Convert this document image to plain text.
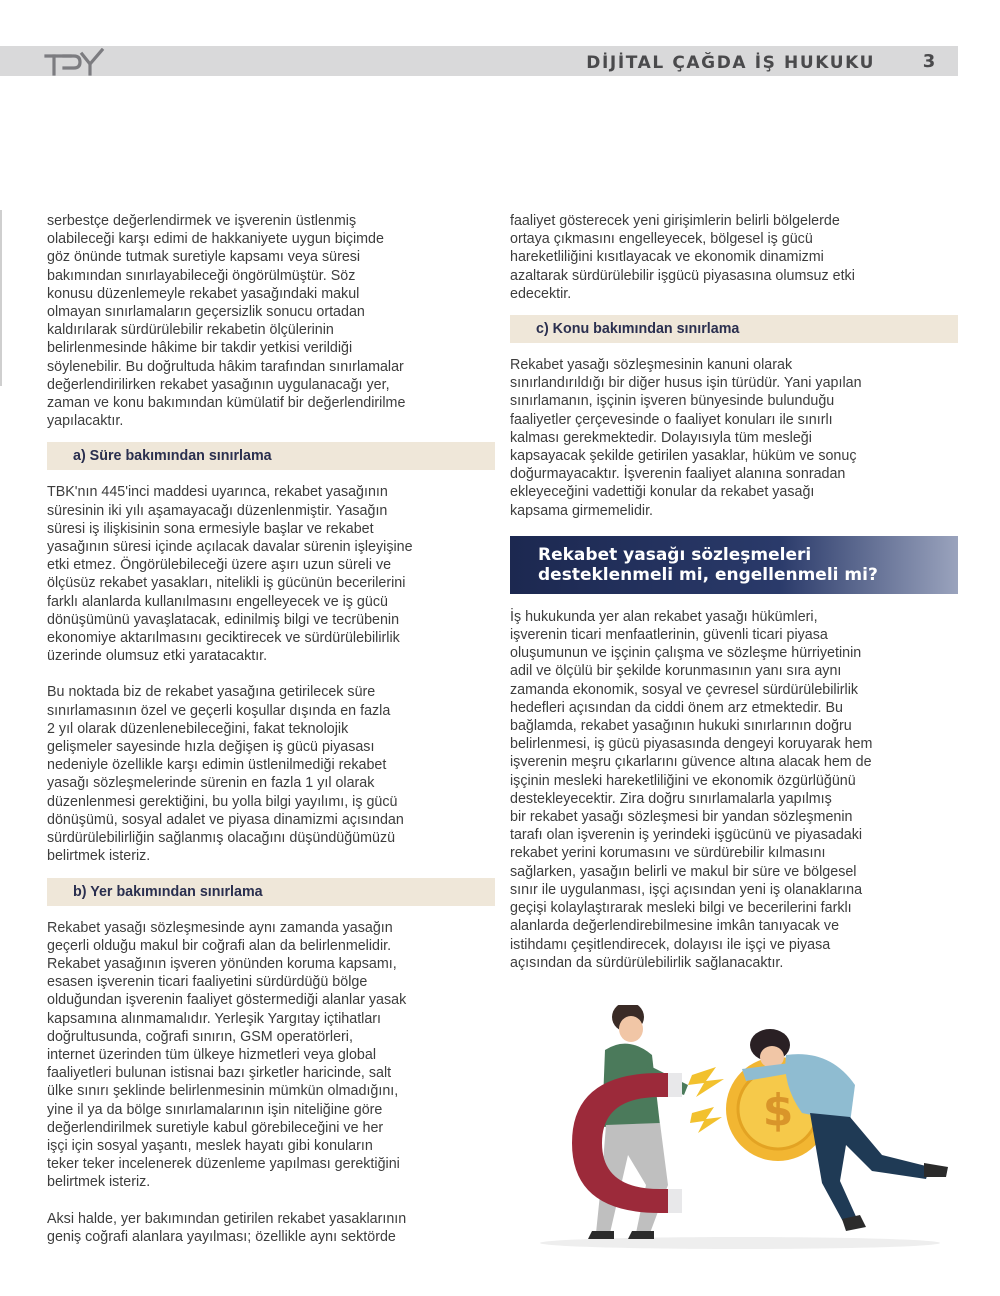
DİJİTAL ÇAĞDA İŞ HUKUKU	3

serbestçe değerlendirmek ve işverenin üstlenmiş
olabileceği karşı edimi de hakkaniyete uygun biçimde
göz önünde tutmak suretiyle kapsamı veya süresi
bakımından sınırlayabileceği öngörülmüştür. Söz
konusu düzenlemeyle rekabet yasağındaki makul
olmayan sınırlamaların geçersizlik sonucu ortadan
kaldırılarak sürdürülebilir rekabetin ölçülerinin
belirlenmesinde hâkime bir takdir yetkisi verildiği
söylenebilir. Bu doğrultuda hâkim tarafından sınırlamalar
değerlendirilirken rekabet yasağının uygulanacağı yer,
zaman ve konu bakımından kümülatif bir değerlendirilme
yapılacaktır.

a) Süre bakımından sınırlama

TBK'nın 445'inci maddesi uyarınca, rekabet yasağının
süresinin iki yılı aşamayacağı düzenlenmiştir. Yasağın
süresi iş ilişkisinin sona ermesiyle başlar ve rekabet
yasağının süresi içinde açılacak davalar sürenin işleyişine
etki etmez. Öngörülebileceği üzere aşırı uzun süreli ve
ölçüsüz rekabet yasakları, nitelikli iş gücünün becerilerini
farklı alanlarda kullanılmasını engelleyecek ve iş gücü
dönüşümünü yavaşlatacak, edinilmiş bilgi ve tecrübenin
ekonomiye aktarılmasını geciktirecek ve sürdürülebilirlik
üzerinde olumsuz etki yaratacaktır.

Bu noktada biz de rekabet yasağına getirilecek süre
sınırlamasının özel ve geçerli koşullar dışında en fazla
2 yıl olarak düzenlenebileceğini, fakat teknolojik
gelişmeler sayesinde hızla değişen iş gücü piyasası
nedeniyle özellikle karşı edimin üstlenilmediği rekabet
yasağı sözleşmelerinde sürenin en fazla 1 yıl olarak
düzenlenmesi gerektiğini, bu yolla bilgi yayılımı, iş gücü
dönüşümü, sosyal adalet ve piyasa dinamizmi açısından
sürdürülebilirliğin sağlanmış olacağını düşündüğümüzü
belirtmek isteriz.

b) Yer bakımından sınırlama

Rekabet yasağı sözleşmesinde aynı zamanda yasağın
geçerli olduğu makul bir coğrafi alan da belirlenmelidir.
Rekabet yasağının işveren yönünden koruma kapsamı,
esasen işverenin ticari faaliyetini sürdürdüğü bölge
olduğundan işverenin faaliyet göstermediği alanlar yasak
kapsamına alınmamalıdır. Yerleşik Yargıtay içtihatları
doğrultusunda, coğrafi sınırın, GSM operatörleri,
internet üzerinden tüm ülkeye hizmetleri veya global
faaliyetleri bulunan istisnai bazı şirketler haricinde, salt
ülke sınırı şeklinde belirlenmesinin mümkün olmadığını,
yine il ya da bölge sınırlamalarının işin niteliğine göre
değerlendirilmek suretiyle kabul görebileceğini ve her
işçi için sosyal yaşantı, meslek hayatı gibi konuların
teker teker incelenerek düzenleme yapılması gerektiğini
belirtmek isteriz.

Aksi halde, yer bakımından getirilen rekabet yasaklarının
geniş coğrafi alanlara yayılması; özellikle aynı sektörde

faaliyet gösterecek yeni girişimlerin belirli bölgelerde
ortaya çıkmasını engelleyecek, bölgesel iş gücü
hareketliliğini kısıtlayacak ve ekonomik dinamizmi
azaltarak sürdürülebilir işgücü piyasasına olumsuz etki
edecektir.

c) Konu bakımından sınırlama

Rekabet yasağı sözleşmesinin kanuni olarak
sınırlandırıldığı bir diğer husus işin türüdür. Yani yapılan
sınırlamanın, işçinin işveren bünyesinde bulunduğu
faaliyetler çerçevesinde o faaliyet konuları ile sınırlı
kalması gerekmektedir. Dolayısıyla tüm mesleği
kapsayacak şekilde getirilen yasaklar, hüküm ve sonuç
doğurmayacaktır. İşverenin faaliyet alanına sonradan
ekleyeceğini vadettiği konular da rekabet yasağı
kapsama girmemelidir.

Rekabet yasağı sözleşmeleri
desteklenmeli mi, engellenmeli mi?

İş hukukunda yer alan rekabet yasağı hükümleri,
işverenin ticari menfaatlerinin, güvenli ticari piyasa
oluşumunun ve işçinin çalışma ve sözleşme hürriyetinin
adil ve ölçülü bir şekilde korunmasının yanı sıra aynı
zamanda ekonomik, sosyal ve çevresel sürdürülebilirlik
hedefleri açısından da ciddi önem arz etmektedir. Bu
bağlamda, rekabet yasağının hukuki sınırlarının doğru
belirlenmesi, iş gücü piyasasında dengeyi koruyarak hem
işverenin meşru çıkarlarını güvence altına alacak hem de
işçinin mesleki hareketliliğini ve ekonomik özgürlüğünü
destekleyecektir. Zira doğru sınırlamalarla yapılmış
bir rekabet yasağı sözleşmesi bir yandan sözleşmenin
tarafı olan işverenin iş yerindeki işgücünü ve piyasadaki
rekabet yerini korumasını ve sürdürebilir kılmasını
sağlarken, yasağın belirli ve makul bir süre ve bölgesel
sınır ile uygulanması, işçi açısından yeni iş olanaklarına
geçişi kolaylaştırarak mesleki bilgi ve becerilerini farklı
alanlarda değerlendirebilmesine imkân tanıyacak ve
istihdamı çeşitlendirecek, dolayısı ile işçi ve piyasa
açısından da sürdürülebilirlik sağlanacaktır.

$
